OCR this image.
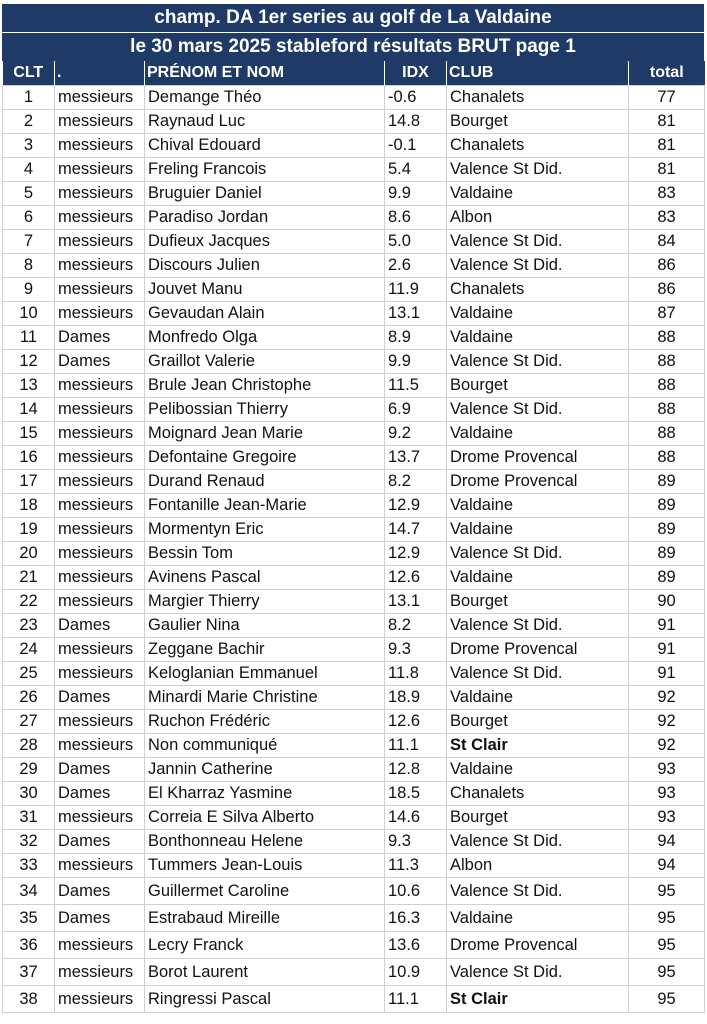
champ. DA 1er series au golf de La Valdaine
le 30 mars 2025 stableford résultats BRUT page 1
CLT	.	PRÉNOM ET NOM	IDX	CLUB	total
1	messieurs	Demange Théo	-0.6	Chanalets	77
2	messieurs	Raynaud Luc	14.8	Bourget	81
3	messieurs	Chival Edouard	-0.1	Chanalets	81
4	messieurs	Freling Francois	5.4	Valence St Did.	81
5	messieurs	Bruguier Daniel	9.9	Valdaine	83
6	messieurs	Paradiso Jordan	8.6	Albon	83
7	messieurs	Dufieux Jacques	5.0	Valence St Did.	84
8	messieurs	Discours Julien	2.6	Valence St Did.	86
9	messieurs	Jouvet Manu	11.9	Chanalets	86
10	messieurs	Gevaudan Alain	13.1	Valdaine	87
11	Dames	Monfredo Olga	8.9	Valdaine	88
12	Dames	Graillot Valerie	9.9	Valence St Did.	88
13	messieurs	Brule Jean Christophe	11.5	Bourget	88
14	messieurs	Pelibossian Thierry	6.9	Valence St Did.	88
15	messieurs	Moignard Jean Marie	9.2	Valdaine	88
16	messieurs	Defontaine Gregoire	13.7	Drome Provencal	88
17	messieurs	Durand Renaud	8.2	Drome Provencal	89
18	messieurs	Fontanille Jean-Marie	12.9	Valdaine	89
19	messieurs	Mormentyn Eric	14.7	Valdaine	89
20	messieurs	Bessin Tom	12.9	Valence St Did.	89
21	messieurs	Avinens Pascal	12.6	Valdaine	89
22	messieurs	Margier Thierry	13.1	Bourget	90
23	Dames	Gaulier Nina	8.2	Valence St Did.	91
24	messieurs	Zeggane Bachir	9.3	Drome Provencal	91
25	messieurs	Keloglanian Emmanuel	11.8	Valence St Did.	91
26	Dames	Minardi Marie Christine	18.9	Valdaine	92
27	messieurs	Ruchon Frédéric	12.6	Bourget	92
28	messieurs	Non communiqué	11.1	St Clair	92
29	Dames	Jannin Catherine	12.8	Valdaine	93
30	Dames	El Kharraz Yasmine	18.5	Chanalets	93
31	messieurs	Correia E Silva Alberto	14.6	Bourget	93
32	Dames	Bonthonneau Helene	9.3	Valence St Did.	94
33	messieurs	Tummers Jean-Louis	11.3	Albon	94
34	Dames	Guillermet Caroline	10.6	Valence St Did.	95
35	Dames	Estrabaud Mireille	16.3	Valdaine	95
36	messieurs	Lecry Franck	13.6	Drome Provencal	95
37	messieurs	Borot Laurent	10.9	Valence St Did.	95
38	messieurs	Ringressi Pascal	11.1	St Clair	95
